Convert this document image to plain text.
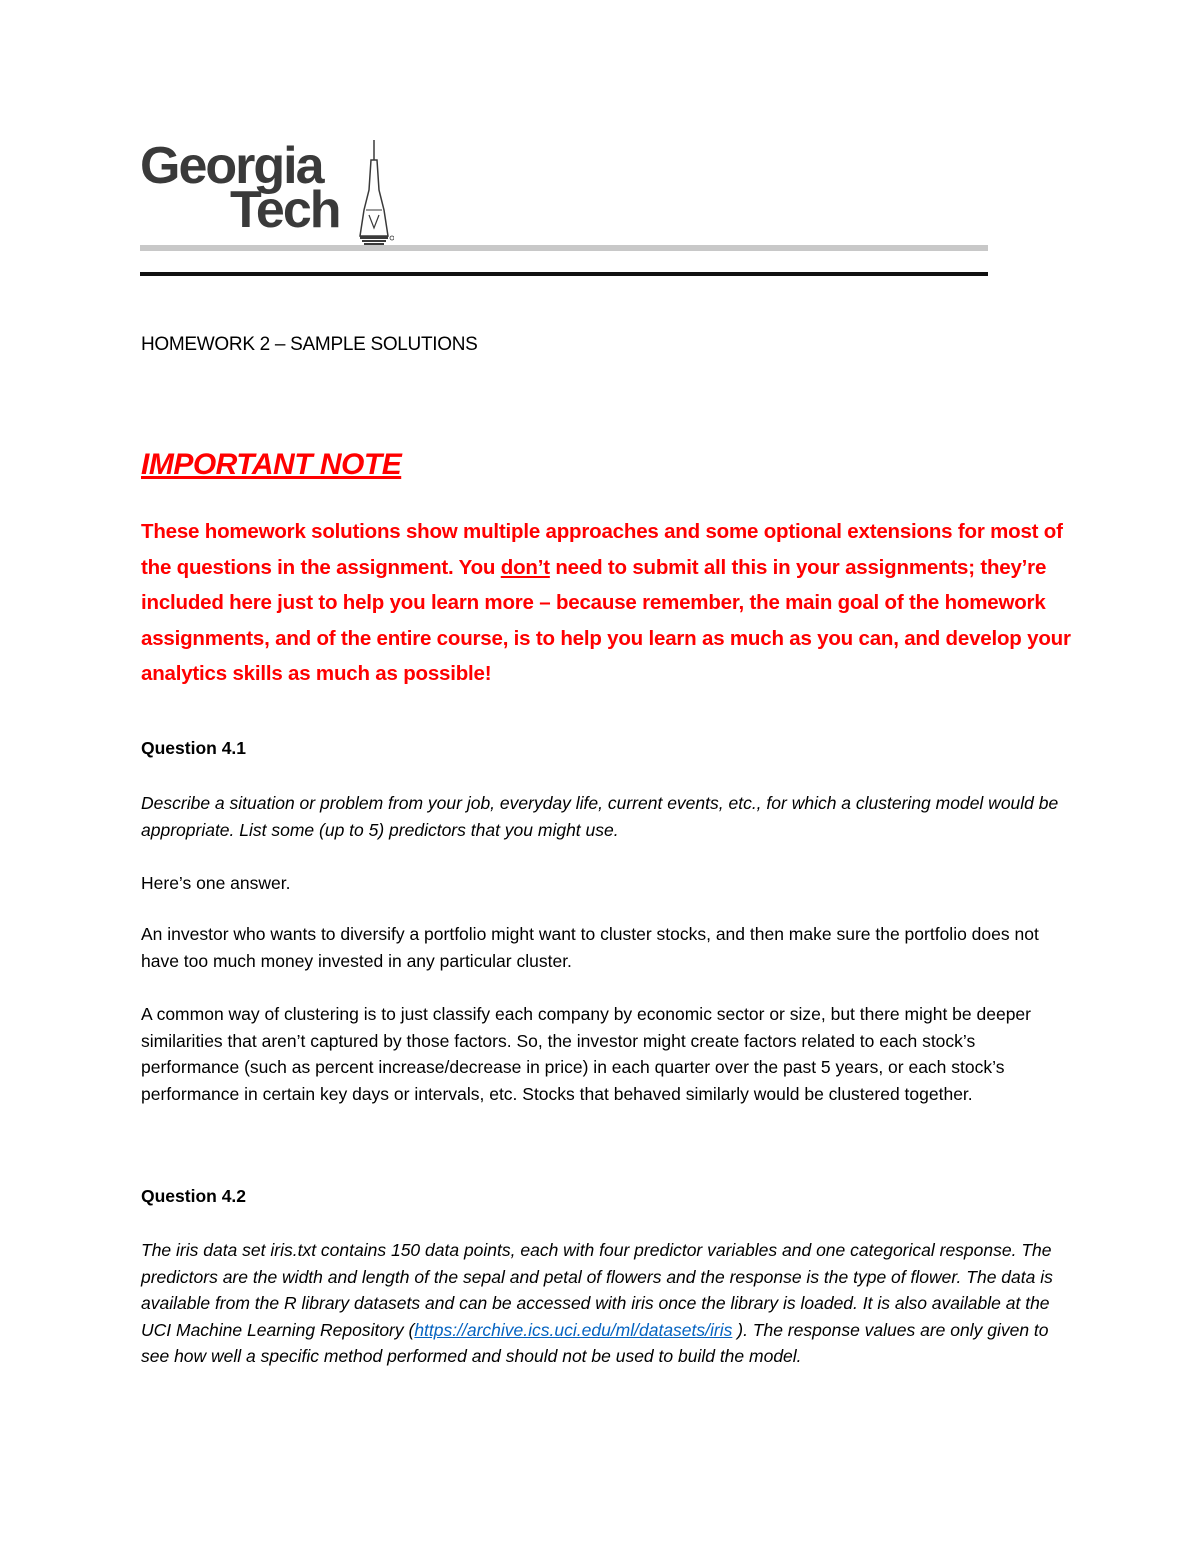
Georgia
Tech
HOMEWORK 2 – SAMPLE SOLUTIONS
IMPORTANT NOTE
These homework solutions show multiple approaches and some optional extensions for most of the questions in the assignment. You don’t need to submit all this in your assignments; they’re included here just to help you learn more – because remember, the main goal of the homework assignments, and of the entire course, is to help you learn as much as you can, and develop your analytics skills as much as possible!
Question 4.1
Describe a situation or problem from your job, everyday life, current events, etc., for which a clustering model would be appropriate. List some (up to 5) predictors that you might use.
Here’s one answer.
An investor who wants to diversify a portfolio might want to cluster stocks, and then make sure the portfolio does not have too much money invested in any particular cluster.
A common way of clustering is to just classify each company by economic sector or size, but there might be deeper similarities that aren’t captured by those factors. So, the investor might create factors related to each stock’s performance (such as percent increase/decrease in price) in each quarter over the past 5 years, or each stock’s performance in certain key days or intervals, etc. Stocks that behaved similarly would be clustered together.
Question 4.2
The iris data set iris.txt contains 150 data points, each with four predictor variables and one categorical response. The predictors are the width and length of the sepal and petal of flowers and the response is the type of flower. The data is available from the R library datasets and can be accessed with iris once the library is loaded. It is also available at the UCI Machine Learning Repository (https://archive.ics.uci.edu/ml/datasets/iris ). The response values are only given to see how well a specific method performed and should not be used to build the model.
